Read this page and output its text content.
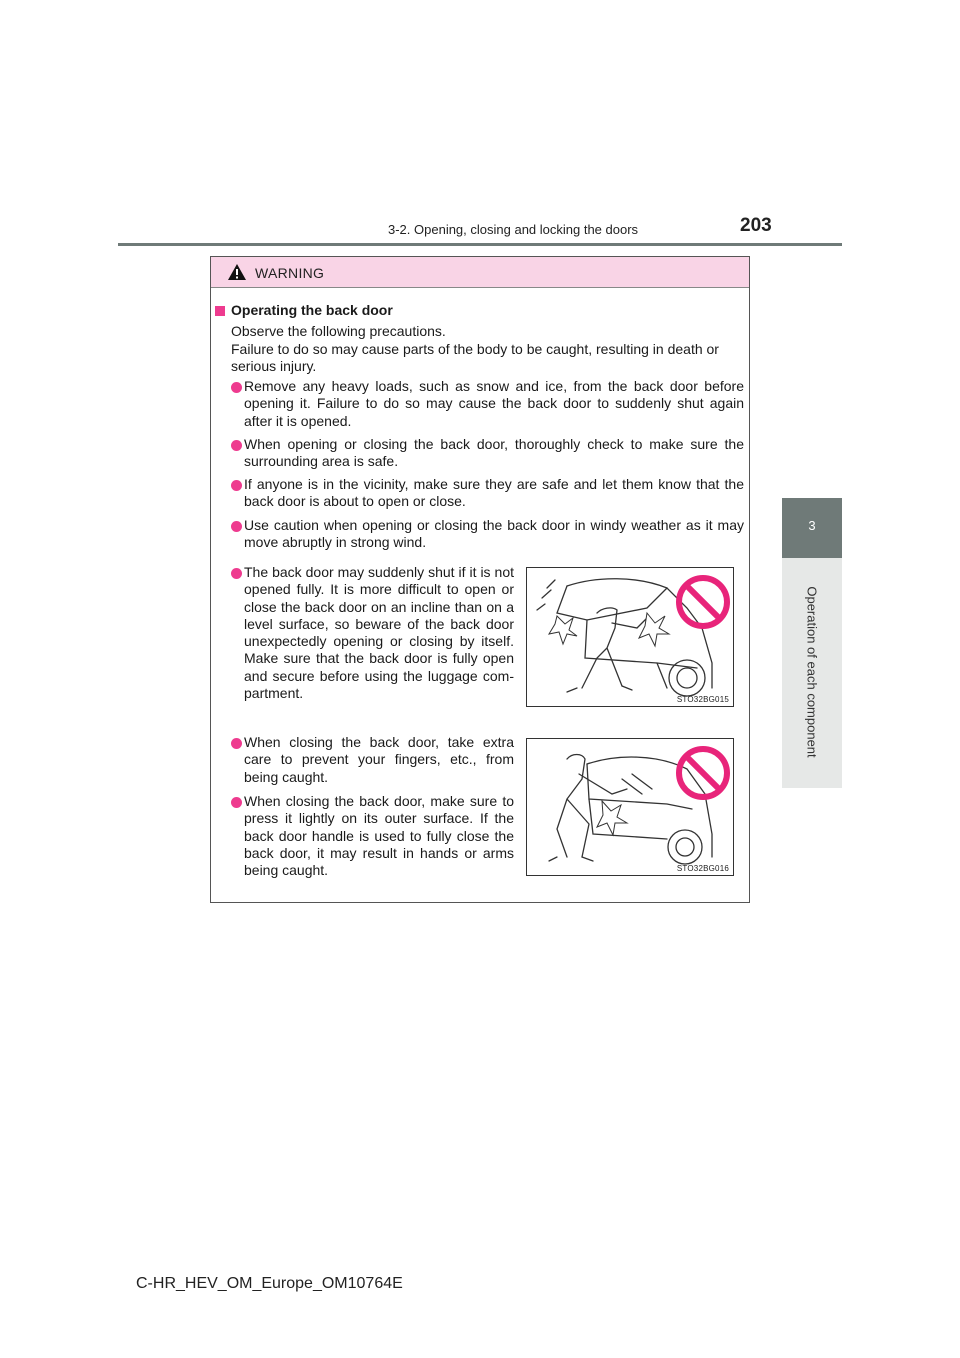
3-2. Opening, closing and locking the doors	203
3
Operation of each component
WARNING
Operating the back door
Observe the following precautions.
Failure to do so may cause parts of the body to be caught, resulting in death or serious injury.
Remove any heavy loads, such as snow and ice, from the back door before opening it. Failure to do so may cause the back door to suddenly shut again after it is opened.
When opening or closing the back door, thoroughly check to make sure the surrounding area is safe.
If anyone is in the vicinity, make sure they are safe and let them know that the back door is about to open or close.
Use caution when opening or closing the back door in windy weather as it may move abruptly in strong wind.
The back door may suddenly shut if it is not opened fully. It is more difficult to open or close the back door on an incline than on a level surface, so beware of the back door unexpectedly opening or closing by itself. Make sure that the back door is fully open and secure before using the luggage com-partment.
When closing the back door, take extra care to prevent your fingers, etc., from being caught.
When closing the back door, make sure to press it lightly on its outer surface. If the back door handle is used to fully close the back door, it may result in hands or arms being caught.
STO32BG015
STO32BG016
C-HR_HEV_OM_Europe_OM10764E
